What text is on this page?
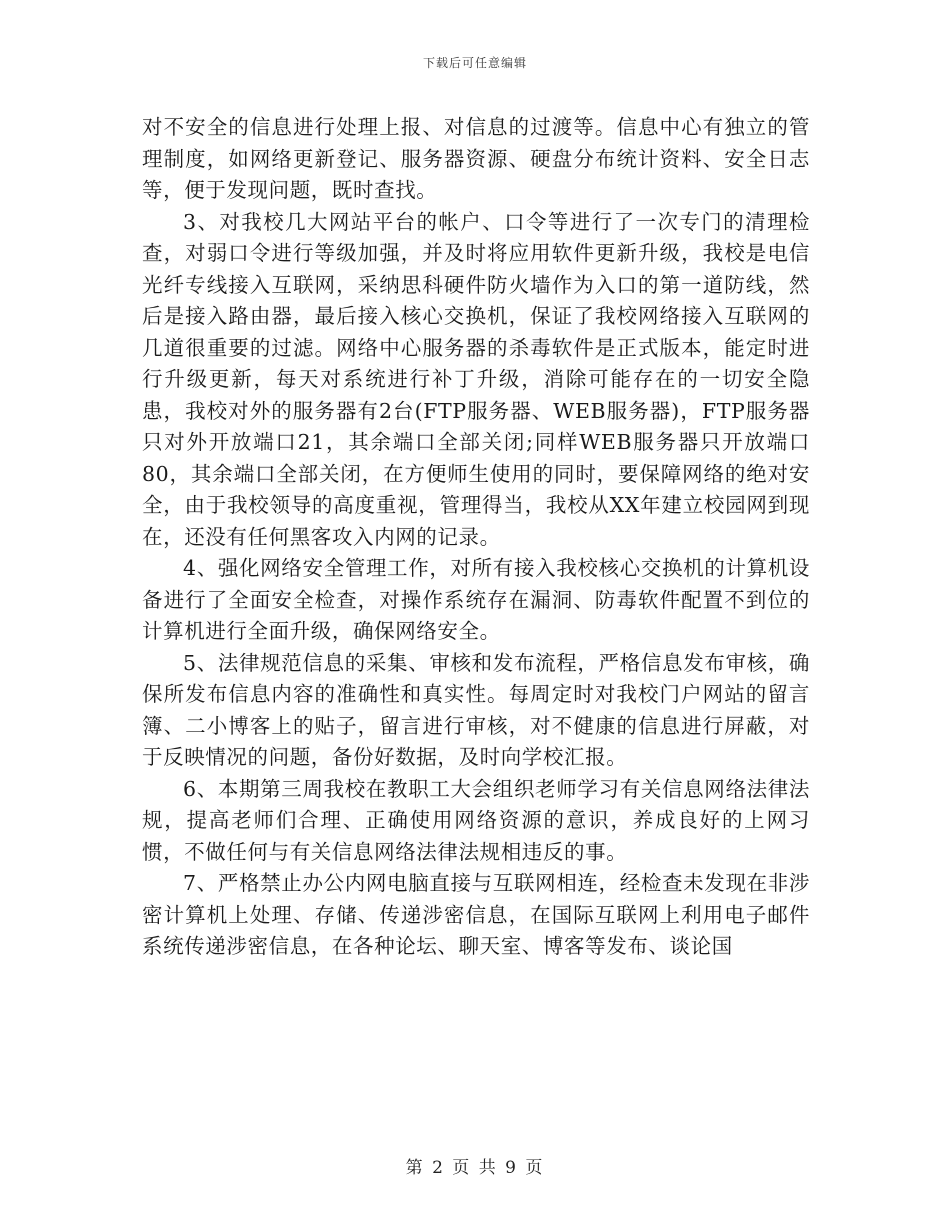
下载后可任意编辑

对不安全的信息进行处理上报、对信息的过渡等。信息中心有独立的管理制度，如网络更新登记、服务器资源、硬盘分布统计资料、安全日志等，便于发现问题，既时查找。

3、对我校几大网站平台的帐户、口令等进行了一次专门的清理检查，对弱口令进行等级加强，并及时将应用软件更新升级，我校是电信光纤专线接入互联网，采纳思科硬件防火墙作为入口的第一道防线，然后是接入路由器，最后接入核心交换机，保证了我校网络接入互联网的几道很重要的过滤。网络中心服务器的杀毒软件是正式版本，能定时进行升级更新，每天对系统进行补丁升级，消除可能存在的一切安全隐患，我校对外的服务器有2台(FTP服务器、WEB服务器)，FTP服务器只对外开放端口21，其余端口全部关闭;同样WEB服务器只开放端口80，其余端口全部关闭，在方便师生使用的同时，要保障网络的绝对安全，由于我校领导的高度重视，管理得当，我校从XX年建立校园网到现在，还没有任何黑客攻入内网的记录。

4、强化网络安全管理工作，对所有接入我校核心交换机的计算机设备进行了全面安全检查，对操作系统存在漏洞、防毒软件配置不到位的计算机进行全面升级，确保网络安全。

5、法律规范信息的采集、审核和发布流程，严格信息发布审核，确保所发布信息内容的准确性和真实性。每周定时对我校门户网站的留言簿、二小博客上的贴子，留言进行审核，对不健康的信息进行屏蔽，对于反映情况的问题，备份好数据，及时向学校汇报。

6、本期第三周我校在教职工大会组织老师学习有关信息网络法律法规，提高老师们合理、正确使用网络资源的意识，养成良好的上网习惯，不做任何与有关信息网络法律法规相违反的事。

7、严格禁止办公内网电脑直接与互联网相连，经检查未发现在非涉密计算机上处理、存储、传递涉密信息，在国际互联网上利用电子邮件系统传递涉密信息，在各种论坛、聊天室、博客等发布、谈论国

第 2 页 共 9 页
